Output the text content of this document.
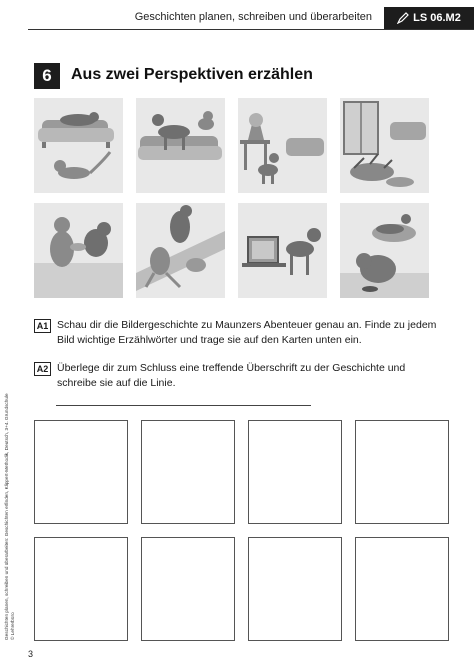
Geschichten planen, schreiben und überarbeiten	LS 06.M2
6	Aus zwei Perspektiven erzählen
A1 Schau dir die Bildergeschichte zu Maunzers Abenteuer genau an. Finde zu jedem Bild wichtige Erzählwörter und trage sie auf den Karten unten ein.
A2 Überlege dir zum Schluss eine treffende Überschrift zu der Geschichte und schreibe sie auf die Linie.
Geschichten planen, schreiben und überarbeiten: Geschichten erfinden, Klippert-Methodik, Deutsch, 3+4. Grundschule © Lehrerbüro
3
